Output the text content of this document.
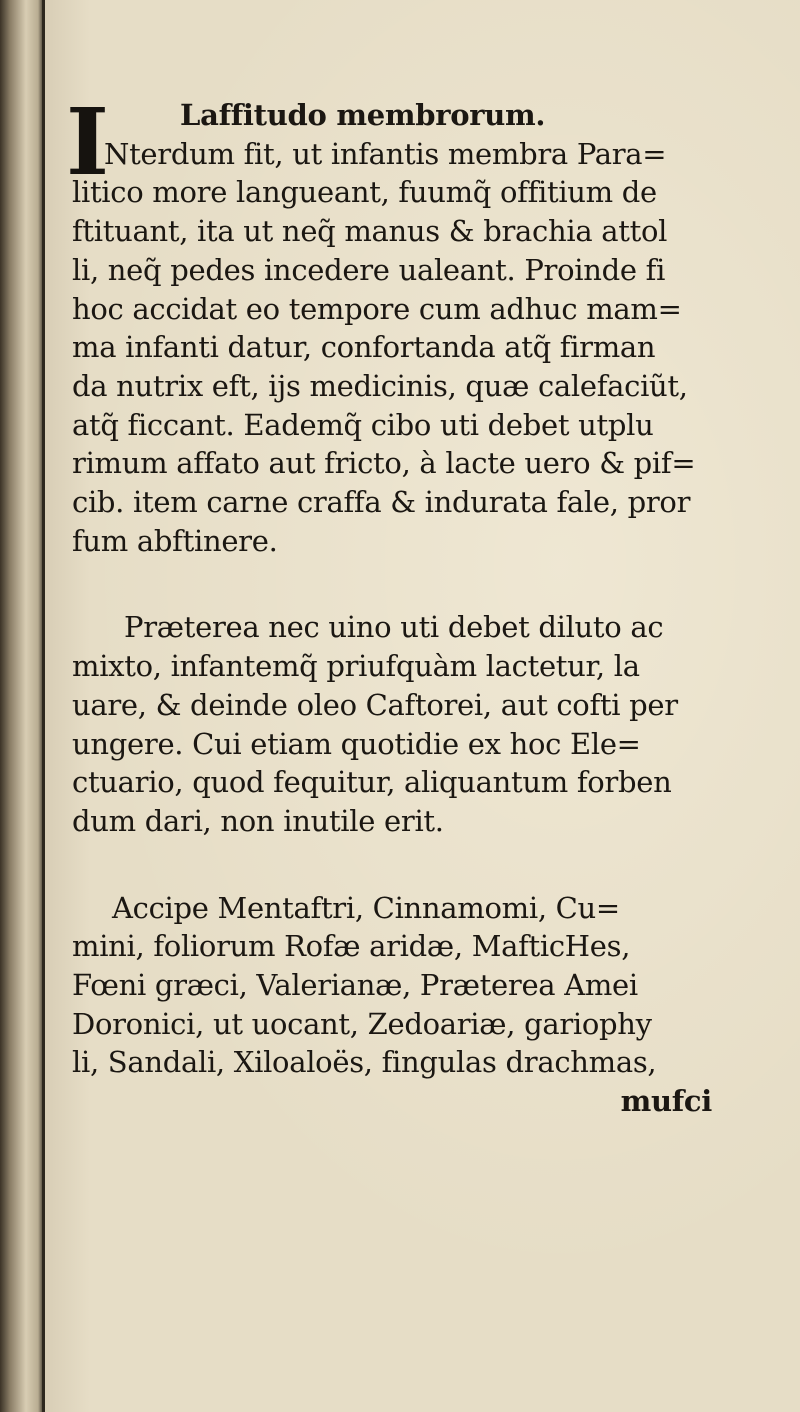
I Laffitudo membrorum.
Nterdum fit, ut infantis membra Para=
litico more langueant, fuumq̃ offitium de
ftituant, ita ut neq̃ manus & brachia attol
li, neq̃ pedes incedere ualeant. Proinde fi
hoc accidat eo tempore cum adhuc mam=
ma infanti datur, confortanda atq̃ firman
da nutrix eft, ijs medicinis, quæ calefaciũt,
atq̃ ficcant. Eademq̃ cibo uti debet utplu
rimum affato aut fricto, à lacte uero & pif=
cib. item carne craffa & indurata fale, pror
fum abftinere.
Præterea nec uino uti debet diluto ac
mixto, infantemq̃ priufquàm lactetur, la
uare, & deinde oleo Caftorei, aut cofti per
ungere. Cui etiam quotidie ex hoc Ele=
ctuario, quod fequitur, aliquantum forben
dum dari, non inutile erit.
Accipe Mentaftri, Cinnamomi, Cu=
mini, foliorum Rofæ aridæ, MafticHes,
Fœni græci, Valerianæ, Præterea Amei
Doronici, ut uocant, Zedoariæ, gariophy
li, Sandali, Xiloaloës, fingulas drachmas,
mufci
